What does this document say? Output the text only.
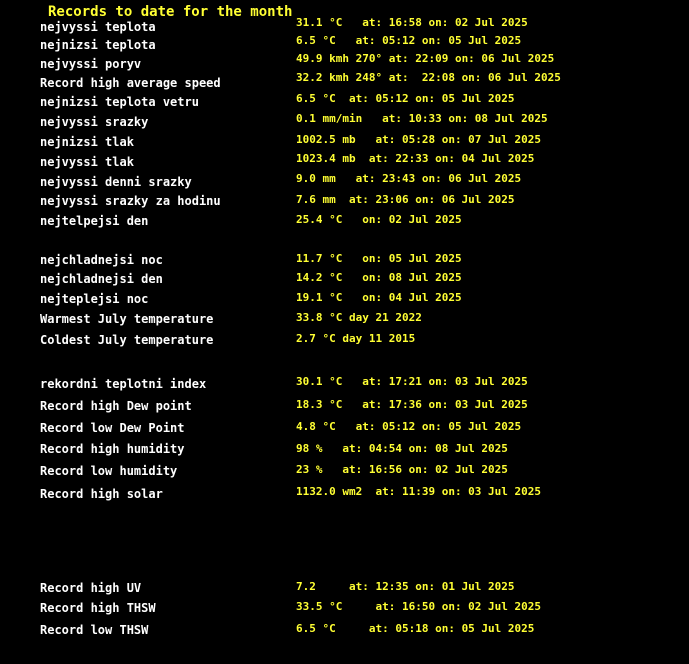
Records to date for the month
nejvyssi teplota	31.1 °C   at: 16:58 on: 02 Jul 2025
nejnizsi teplota	6.5 °C   at: 05:12 on: 05 Jul 2025
nejvyssi poryv	49.9 kmh 270° at: 22:09 on: 06 Jul 2025
Record high average speed	32.2 kmh 248° at:  22:08 on: 06 Jul 2025
nejnizsi teplota vetru	6.5 °C  at: 05:12 on: 05 Jul 2025
nejvyssi srazky	0.1 mm/min   at: 10:33 on: 08 Jul 2025
nejnizsi tlak	1002.5 mb   at: 05:28 on: 07 Jul 2025
nejvyssi tlak	1023.4 mb  at: 22:33 on: 04 Jul 2025
nejvyssi denni srazky	9.0 mm   at: 23:43 on: 06 Jul 2025
nejvyssi srazky za hodinu	7.6 mm  at: 23:06 on: 06 Jul 2025
nejtelpejsi den	25.4 °C   on: 02 Jul 2025
nejchladnejsi noc	11.7 °C   on: 05 Jul 2025
nejchladnejsi den	14.2 °C   on: 08 Jul 2025
nejteplejsi noc	19.1 °C   on: 04 Jul 2025
Warmest July temperature	33.8 °C day 21 2022
Coldest July temperature	2.7 °C day 11 2015
rekordni teplotni index	30.1 °C   at: 17:21 on: 03 Jul 2025
Record high Dew point	18.3 °C   at: 17:36 on: 03 Jul 2025
Record low Dew Point	4.8 °C   at: 05:12 on: 05 Jul 2025
Record high humidity	98 %   at: 04:54 on: 08 Jul 2025
Record low humidity	23 %   at: 16:56 on: 02 Jul 2025
Record high solar	1132.0 wm2  at: 11:39 on: 03 Jul 2025
Record high UV	7.2     at: 12:35 on: 01 Jul 2025
Record high THSW	33.5 °C     at: 16:50 on: 02 Jul 2025
Record low THSW	6.5 °C     at: 05:18 on: 05 Jul 2025
